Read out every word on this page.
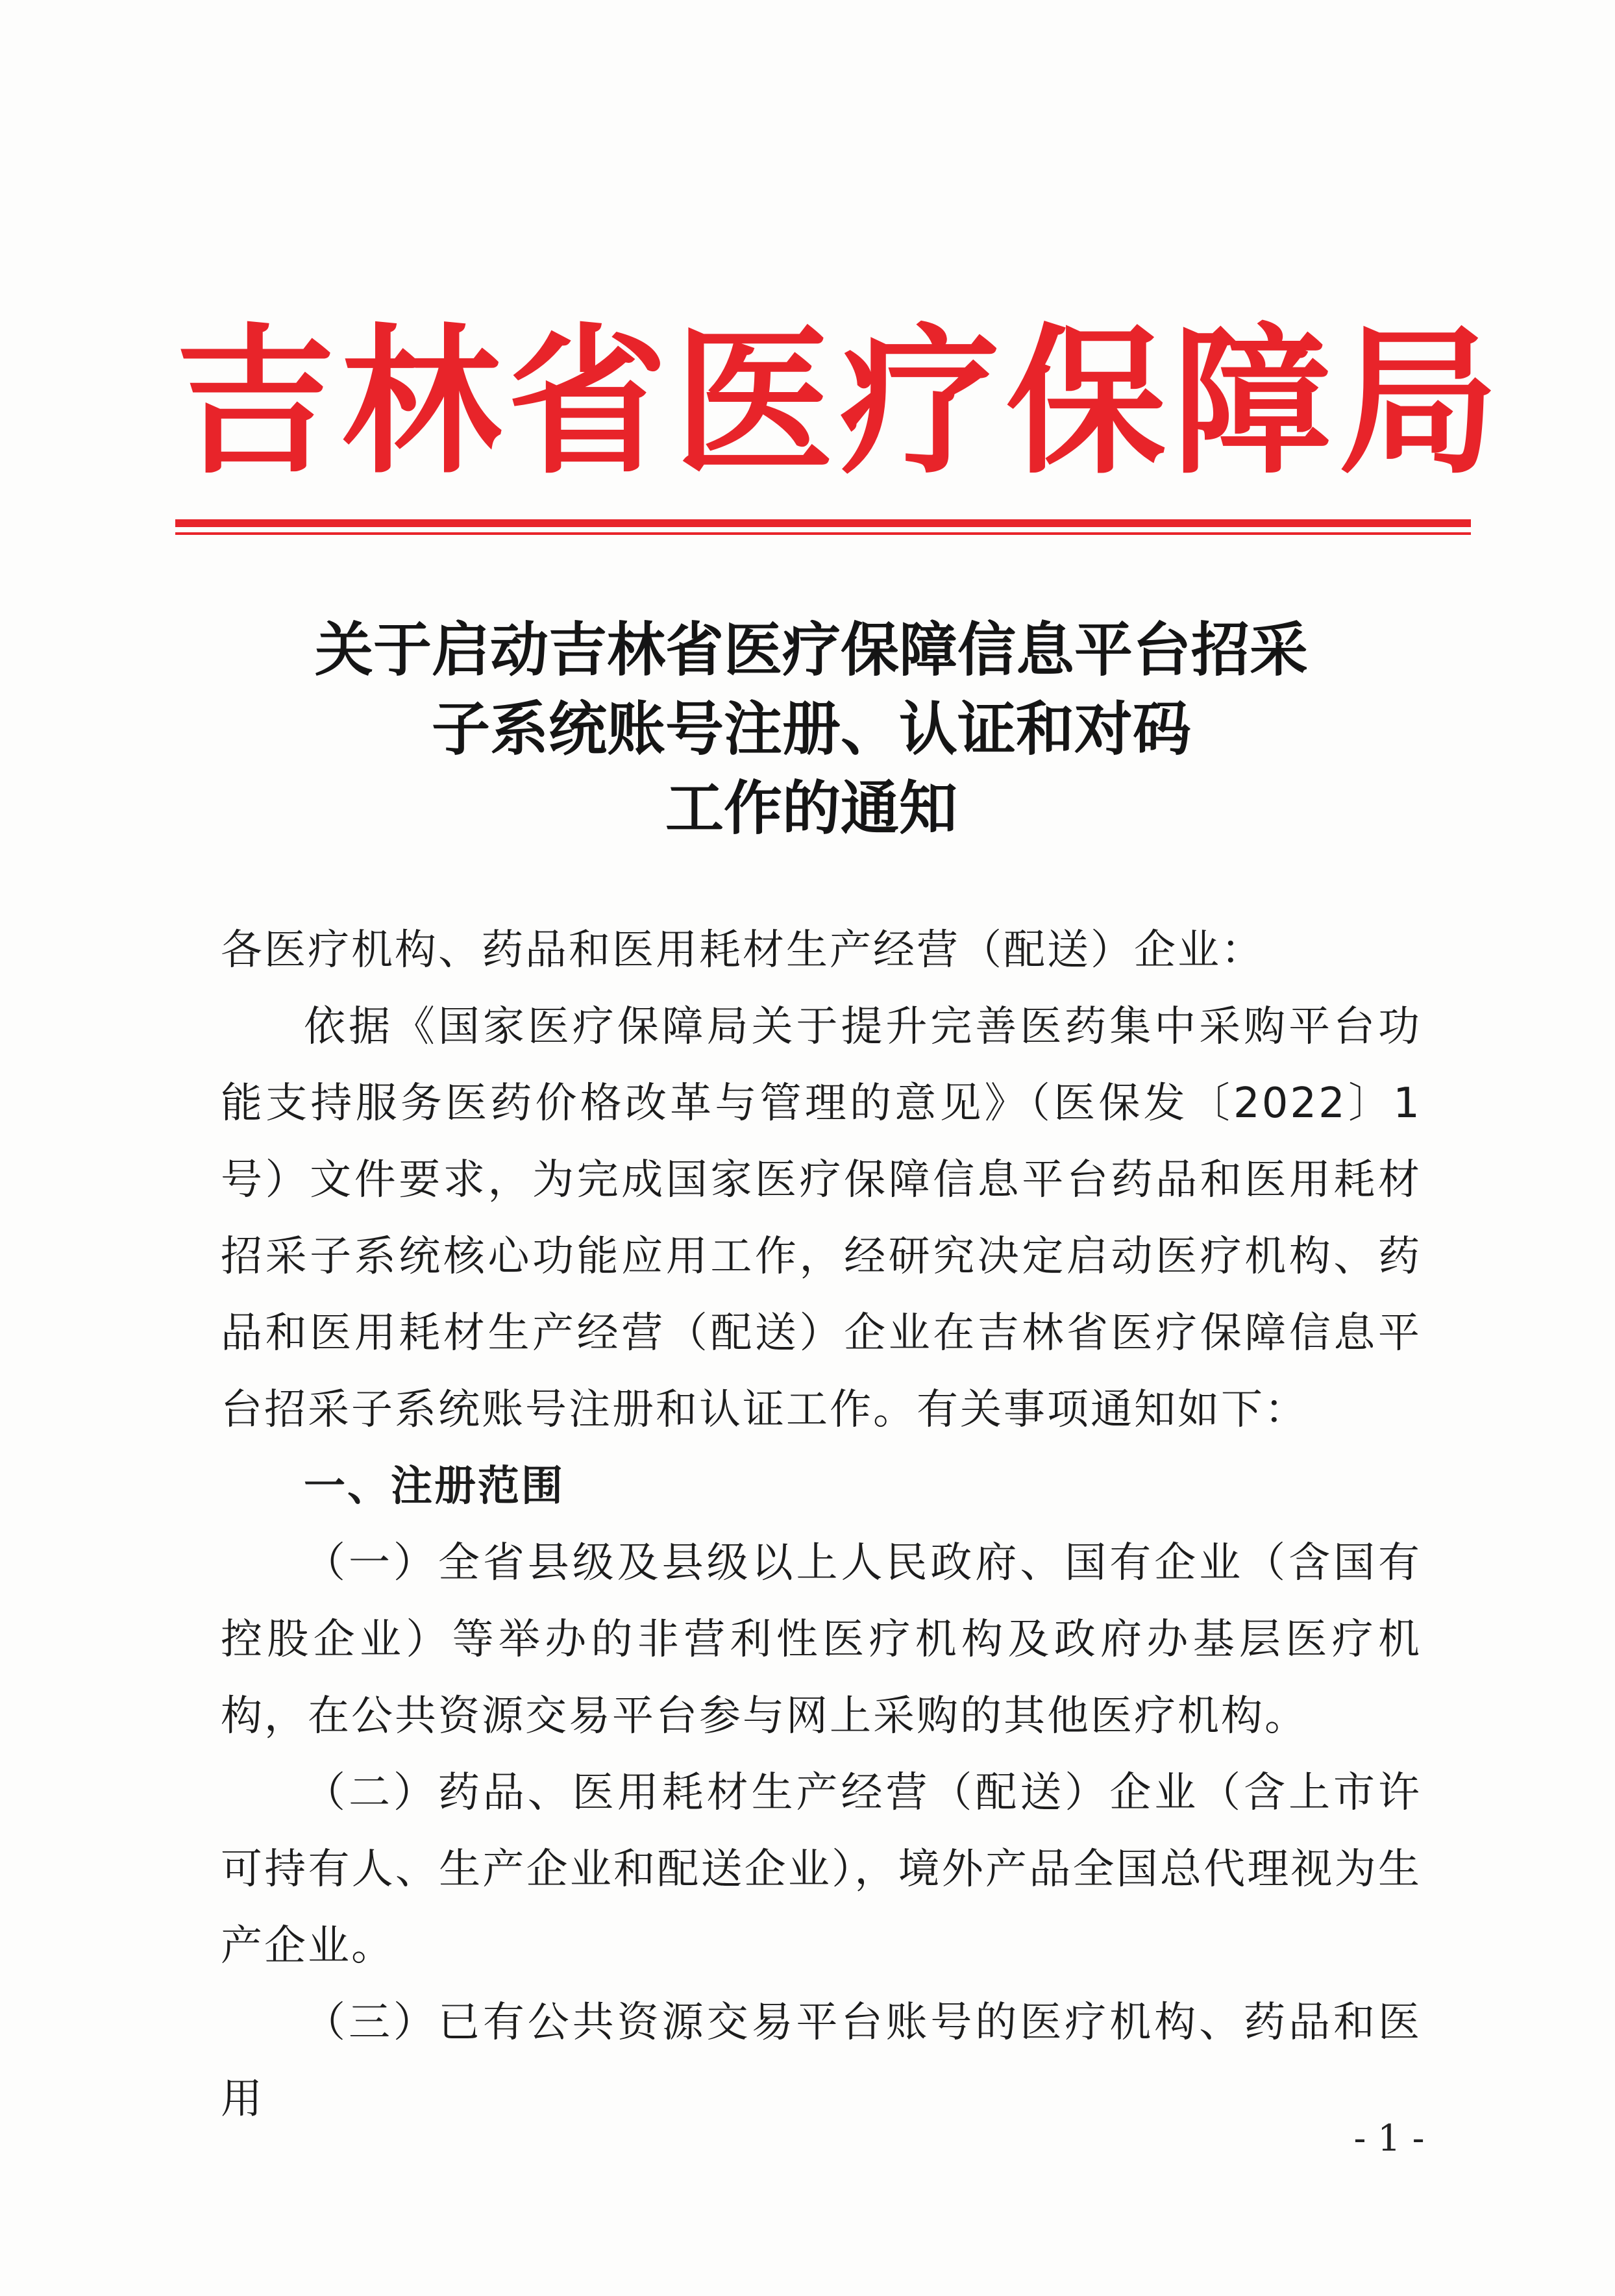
吉林省医疗保障局
关于启动吉林省医疗保障信息平台招采
子系统账号注册、认证和对码
工作的通知

各医疗机构、药品和医用耗材生产经营（配送）企业：

依据《国家医疗保障局关于提升完善医药集中采购平台功能支持服务医药价格改革与管理的意见》（医保发〔2022〕1号）文件要求，为完成国家医疗保障信息平台药品和医用耗材招采子系统核心功能应用工作，经研究决定启动医疗机构、药品和医用耗材生产经营（配送）企业在吉林省医疗保障信息平台招采子系统账号注册和认证工作。有关事项通知如下：

一、注册范围

（一）全省县级及县级以上人民政府、国有企业（含国有控股企业）等举办的非营利性医疗机构及政府办基层医疗机构，在公共资源交易平台参与网上采购的其他医疗机构。

（二）药品、医用耗材生产经营（配送）企业（含上市许可持有人、生产企业和配送企业），境外产品全国总代理视为生产企业。

（三）已有公共资源交易平台账号的医疗机构、药品和医用

- 1 -
